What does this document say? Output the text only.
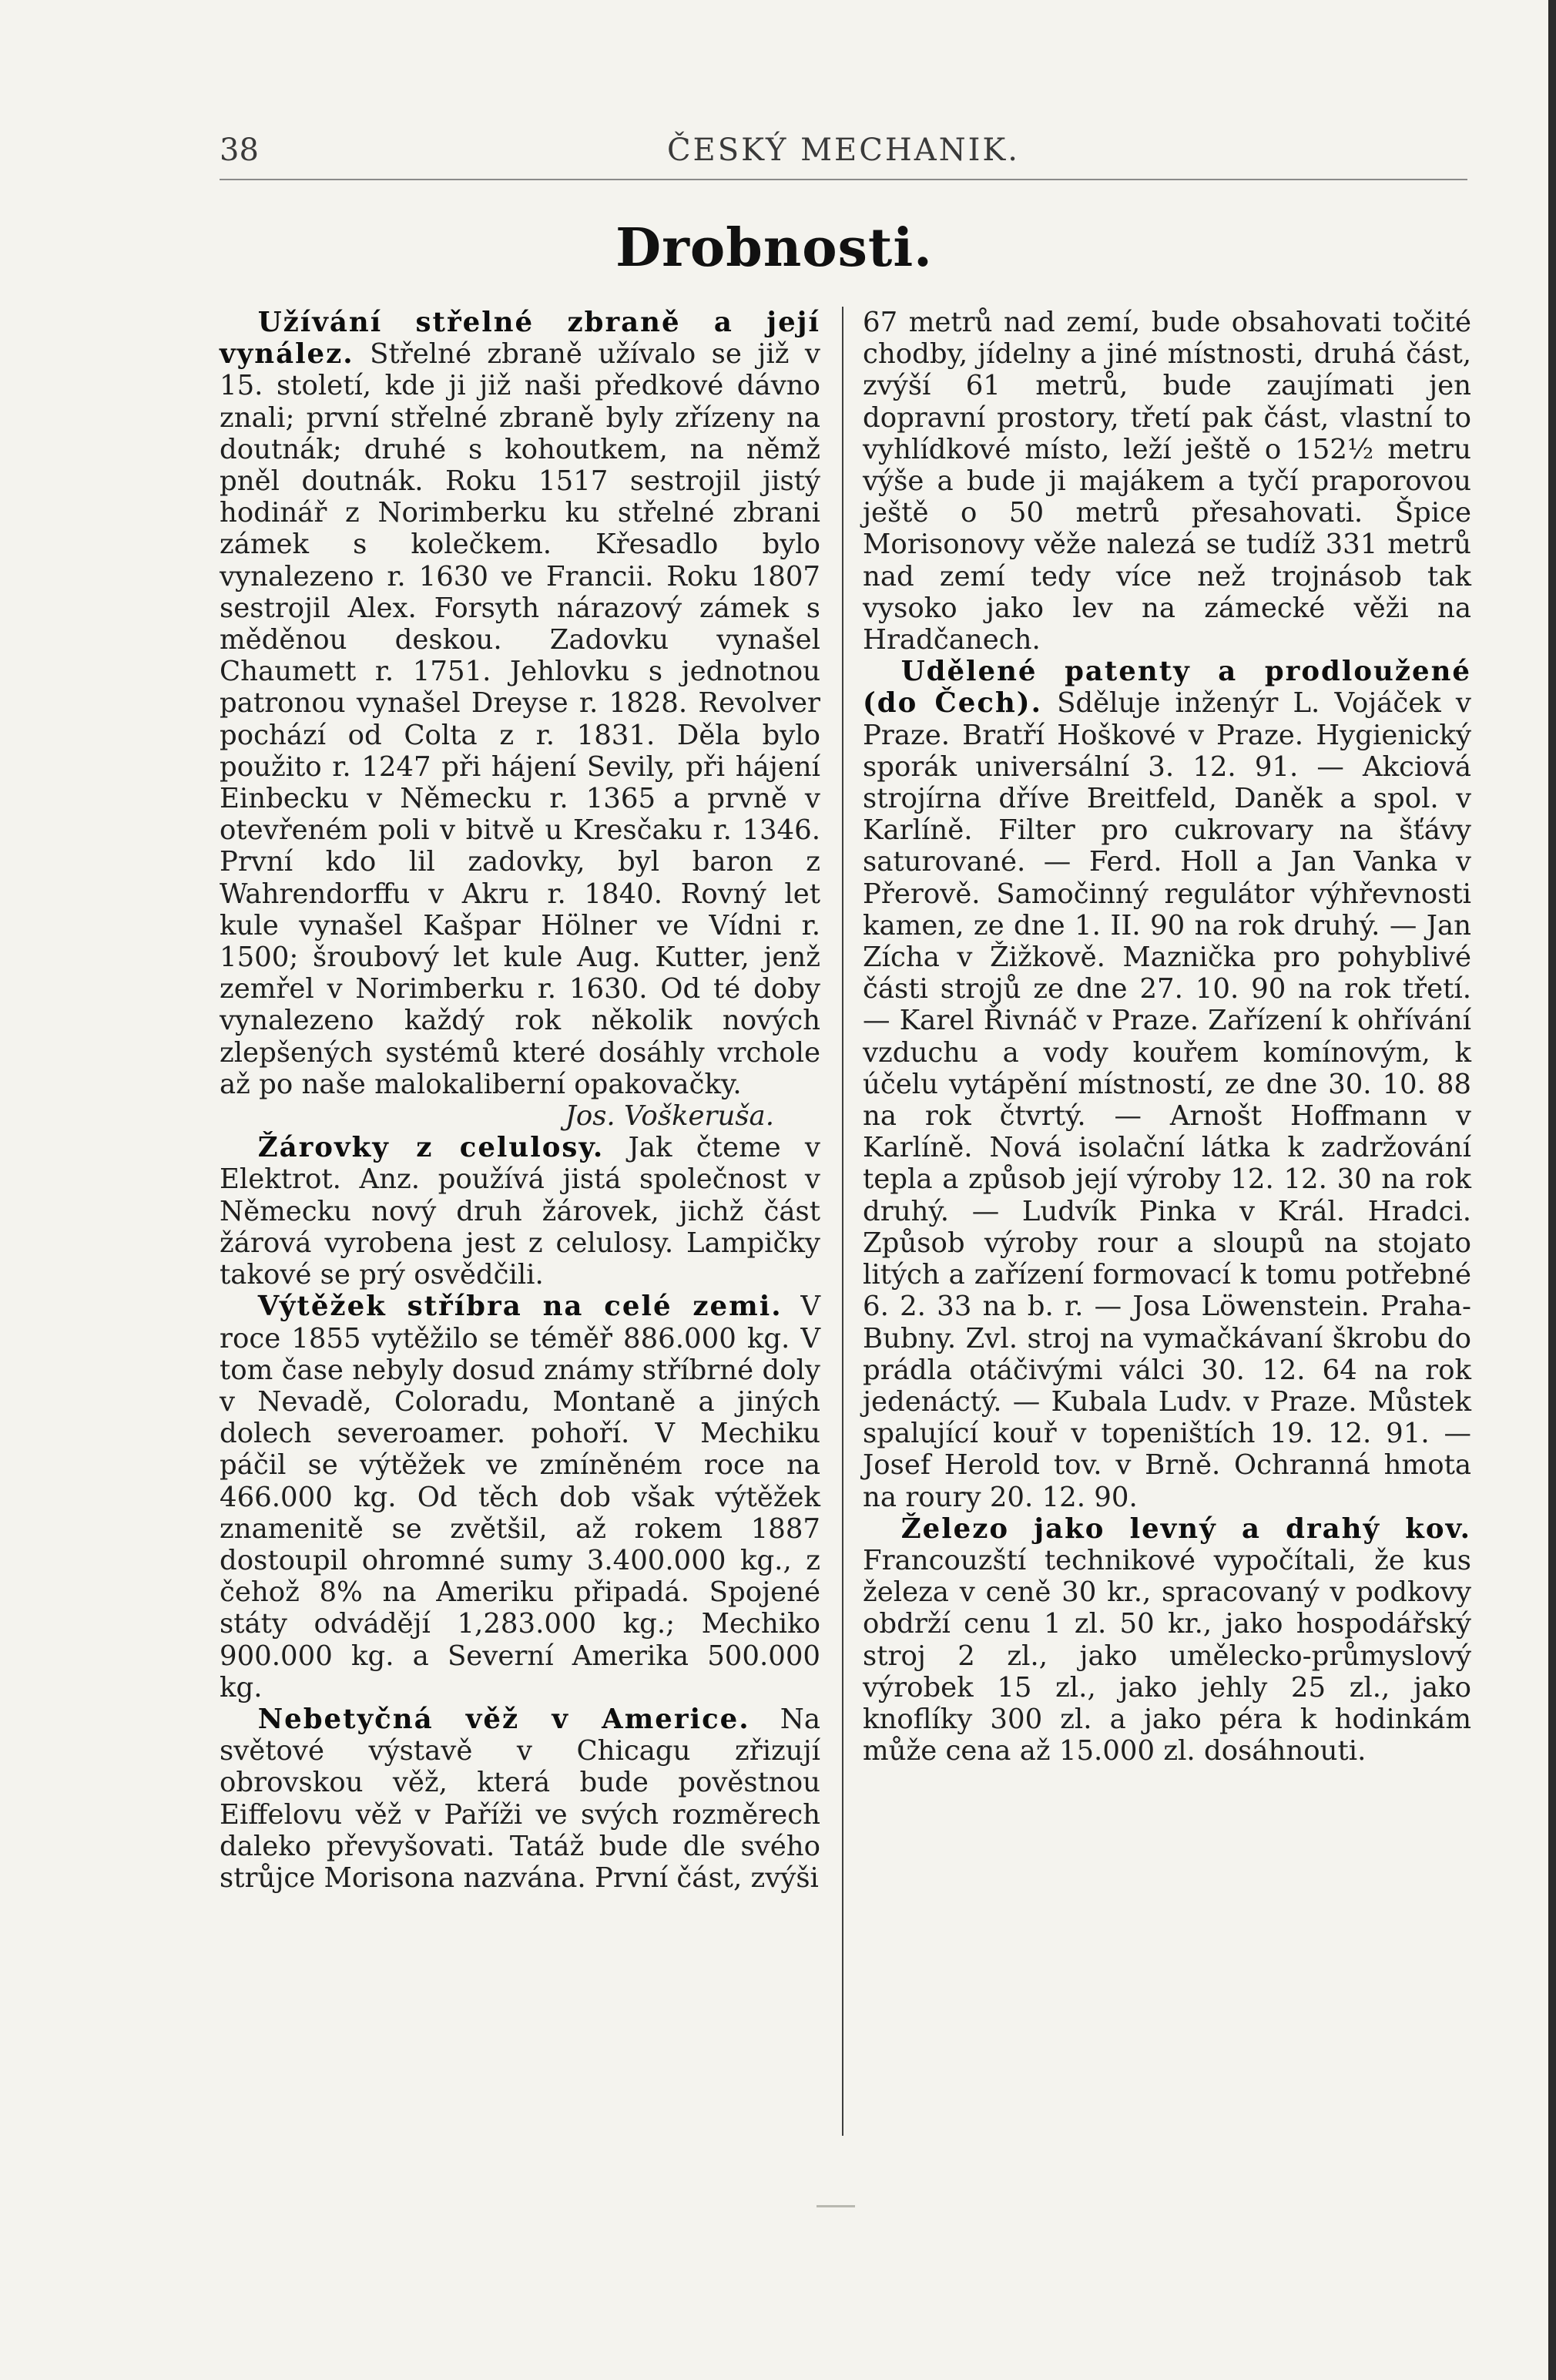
38	ČESKÝ MECHANIK.
Drobnosti.

Užívání střelné zbraně a její vynález. Střelné zbraně užívalo se již v 15. století, kde ji již naši předkové dávno znali; první střelné zbraně byly zřízeny na doutnák; druhé s kohoutkem, na němž pněl doutnák. Roku 1517 sestrojil jistý hodinář z Norimberku ku střelné zbrani zámek s kolečkem. Křesadlo bylo vynalezeno r. 1630 ve Francii. Roku 1807 sestrojil Alex. Forsyth nárazový zámek s měděnou deskou. Zadovku vynašel Chaumett r. 1751. Jehlovku s jednotnou patronou vynašel Dreyse r. 1828. Revolver pochází od Colta z r. 1831. Děla bylo použito r. 1247 při hájení Sevily, při hájení Einbecku v Německu r. 1365 a prvně v otevřeném poli v bitvě u Kresčaku r. 1346. První kdo lil zadovky, byl baron z Wahrendorffu v Akru r. 1840. Rovný let kule vynašel Kašpar Hölner ve Vídni r. 1500; šroubový let kule Aug. Kutter, jenž zemřel v Norimberku r. 1630. Od té doby vynalezeno každý rok několik nových zlepšených systémů které dosáhly vrchole až po naše malokaliberní opakovačky.

Jos. Voškeruša.

Žárovky z celulosy. Jak čteme v Elektrot. Anz. používá jistá společnost v Německu nový druh žárovek, jichž část žárová vyrobena jest z celulosy. Lampičky takové se prý osvědčili.

Výtěžek stříbra na celé zemi. V roce 1855 vytěžilo se téměř 886.000 kg. V tom čase nebyly dosud známy stříbrné doly v Nevadě, Coloradu, Montaně a jiných dolech severoamer. pohoří. V Mechiku páčil se výtěžek ve zmíněném roce na 466.000 kg. Od těch dob však výtěžek znamenitě se zvětšil, až rokem 1887 dostoupil ohromné sumy 3.400.000 kg., z čehož 8% na Ameriku připadá. Spojené státy odvádějí 1,283.000 kg.; Mechiko 900.000 kg. a Severní Amerika 500.000 kg.

Nebetyčná věž v Americe. Na světové výstavě v Chicagu zřizují obrovskou věž, která bude pověstnou Eiffelovu věž v Paříži ve svých rozměrech daleko převyšovati. Tatáž bude dle svého strůjce Morisona nazvána. První část, zvýši

67 metrů nad zemí, bude obsahovati točité chodby, jídelny a jiné místnosti, druhá část, zvýší 61 metrů, bude zaujímati jen dopravní prostory, třetí pak část, vlastní to vyhlídkové místo, leží ještě o 152½ metru výše a bude ji majákem a tyčí praporovou ještě o 50 metrů přesahovati. Špice Morisonovy věže nalezá se tudíž 331 metrů nad zemí tedy více než trojnásob tak vysoko jako lev na zámecké věži na Hradčanech.

Udělené patenty a prodloužené (do Čech). Sděluje inženýr L. Vojáček v Praze. Bratří Hoškové v Praze. Hygienický sporák universální 3. 12. 91. — Akciová strojírna dříve Breitfeld, Daněk a spol. v Karlíně. Filter pro cukrovary na šťávy saturované. — Ferd. Holl a Jan Vanka v Přerově. Samočinný regulátor výhřevnosti kamen, ze dne 1. II. 90 na rok druhý. — Jan Zícha v Žižkově. Maznička pro pohyblivé části strojů ze dne 27. 10. 90 na rok třetí. — Karel Řivnáč v Praze. Zařízení k ohřívání vzduchu a vody kouřem komínovým, k účelu vytápění místností, ze dne 30. 10. 88 na rok čtvrtý. — Arnošt Hoffmann v Karlíně. Nová isolační látka k zadržování tepla a způsob její výroby 12. 12. 30 na rok druhý. — Ludvík Pinka v Král. Hradci. Způsob výroby rour a sloupů na stojato litých a zařízení formovací k tomu potřebné 6. 2. 33 na b. r. — Josa Löwenstein. Praha-Bubny. Zvl. stroj na vymačkávaní škrobu do prádla otáčivými válci 30. 12. 64 na rok jedenáctý. — Kubala Ludv. v Praze. Můstek spalující kouř v topeništích 19. 12. 91. — Josef Herold tov. v Brně. Ochranná hmota na roury 20. 12. 90.

Železo jako levný a drahý kov. Francouzští technikové vypočítali, že kus železa v ceně 30 kr., spracovaný v podkovy obdrží cenu 1 zl. 50 kr., jako hospodářský stroj 2 zl., jako umělecko-průmyslový výrobek 15 zl., jako jehly 25 zl., jako knoflíky 300 zl. a jako péra k hodinkám může cena až 15.000 zl. dosáhnouti.
